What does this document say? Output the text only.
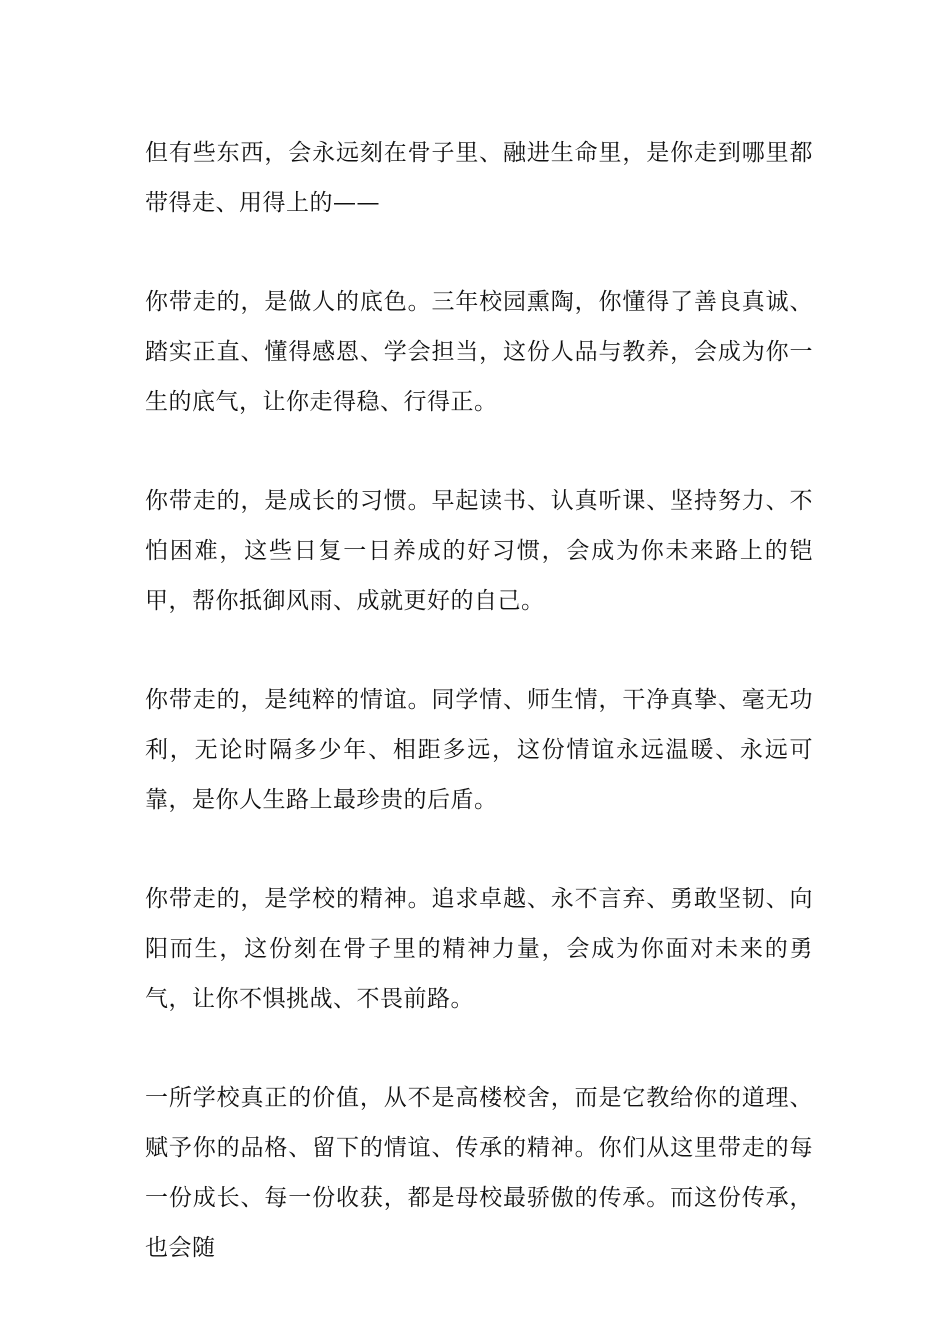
但有些东西，会永远刻在骨子里、融进生命里，是你走到哪里都带得走、用得上的——

你带走的，是做人的底色。三年校园熏陶，你懂得了善良真诚、踏实正直、懂得感恩、学会担当，这份人品与教养，会成为你一生的底气，让你走得稳、行得正。

你带走的，是成长的习惯。早起读书、认真听课、坚持努力、不怕困难，这些日复一日养成的好习惯，会成为你未来路上的铠甲，帮你抵御风雨、成就更好的自己。

你带走的，是纯粹的情谊。同学情、师生情，干净真挚、毫无功利，无论时隔多少年、相距多远，这份情谊永远温暖、永远可靠，是你人生路上最珍贵的后盾。

你带走的，是学校的精神。追求卓越、永不言弃、勇敢坚韧、向阳而生，这份刻在骨子里的精神力量，会成为你面对未来的勇气，让你不惧挑战、不畏前路。

一所学校真正的价值，从不是高楼校舍，而是它教给你的道理、赋予你的品格、留下的情谊、传承的精神。你们从这里带走的每一份成长、每一份收获，都是母校最骄傲的传承。而这份传承，也会随
